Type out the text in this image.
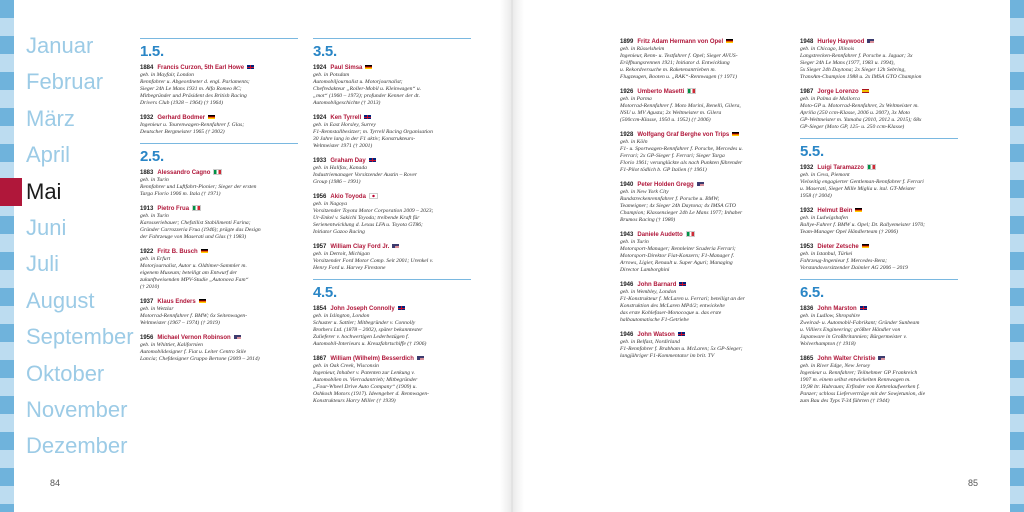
Januar
Februar
März
April
Mai
Juni
Juli
August
September
Oktober
November
Dezember
1.5.
1884 Francis Curzon, 5th Earl Howe
geb. in Mayfair, London
Rennfahrer u. Abgeordneter d. engl. Parlaments;
Sieger 24h Le Mans 1931 m. Alfa Romeo 8C;
Mitbegründer und Präsident des British Racing
Drivers Club (1928 – 1964) († 1964)
1932 Gerhard Bodmer
Ingenieur u. Tourenwagen-Rennfahrer f. Glas;
Deutscher Bergmeister 1965 († 2002)
2.5.
1883 Alessandro Cagno
geb. in Turin
Rennfahrer und Luftfahrt-Pionier; Sieger der ersten
Targa Florio 1906 m. Itala († 1971)
1913 Pietro Frua
geb. in Turin
Karosseriebauer; Chefstilist Stabilimenti Farina;
Gründer Carrozzeria Frua (1946); prägte das Design
der Fahrzeuge von Maserati und Glas († 1983)
1922 Fritz B. Busch
geb. in Erfurt
Motorjournalist, Autor u. Oldtimer-Sammler m.
eigenem Museum; beteiligt am Entwurf der
zukunftweisenden MPV-Studie „Autonova Fam“
(† 2010)
1937 Klaus Enders
geb. in Wetzlar
Motorrad-Rennfahrer f. BMW; 6x Seitenwagen-
Weltmeister (1967 – 1974) († 2019)
1956 Michael Vernon Robinson
geb. in Whittier, Kalifornien
Automobildesigner f. Fiat u. Leiter Centro Stile
Lancia; Chefdesigner Gruppo Bertone (2009 – 2014)
3.5.
1924 Paul Simsa
geb. in Potsdam
Automobiljournalist u. Motorjournalist;
Chefredakteur „Roller-Mobil u. Kleinwagen“ u.
„mot“ (1960 – 1973); profunder Kenner der dt.
Automobilgeschichte († 2013)
1924 Ken Tyrrell
geb. in East Horsley, Surrey
F1-Rennstallbesitzer; m. Tyrrell Racing Organisation
30 Jahre lang in der F1 aktiv; Konstrukteurs-
Weltmeister 1971 († 2001)
1933 Graham Day
geb. in Halifax, Kanada
Industriemanager Vorsitzender Austin – Rover
Group (1986 – 1991)
1956 Akio Toyoda
geb. in Nagoya
Vorsitzender Toyota Motor Corporation 2009 – 2023;
Ur-Enkel v. Sakichi Toyoda; treibende Kraft für
Serienentwicklung d. Lexus LFA u. Toyota GT86;
Initiator Gazoo Racing
1957 William Clay Ford Jr.
geb. in Detroit, Michigan
Vorsitzender Ford Motor Comp. Seit 2001; Urenkel v.
Henry Ford u. Harvey Firestone
4.5.
1854 John Joseph Connolly
geb. in Islington, London
Schuster u. Sattler; Mitbegründer v. Connolly
Brothers Ltd. (1878 – 2002), später bekanntester
Zulieferer v. hochwertigen Lederbezügen f.
Automobil-Interieurs u. Kreuzfahrtschiffe († 1906)
1867 William (Wilhelm) Besserdich
geb. in Oak Creek, Wisconsin
Ingenieur, Inhaber v. Patenten zur Lenkung v.
Automobilen m. Vierradantrieb; Mitbegründer
„Four-Wheel Drive Auto Company“ (1909) u.
Oshkosh Motors (1917). Ideengeber d. Rennwagen-
Konstrukteurs Harry Miller († 1939)
1899 Fritz Adam Hermann von Opel
geb. in Rüsselsheim
Ingenieur, Renn- u. Testfahrer f. Opel; Sieger AVUS-
Eröffnungsrennen 1921; Initiator d. Entwicklung
u. Rekordversuche m. Raketenantrieben m.
Flugzeugen, Booten u. „RAK“-Rennwagen († 1971)
1926 Umberto Masetti
geb. in Parma
Motorrad-Rennfahrer f. Moto Morini, Benelli, Gilera,
NSU u. MV Agusta; 2x Weltmeister m. Gilera
(500ccm-Klasse, 1950 u. 1952) († 2006)
1928 Wolfgang Graf Berghe von Trips
geb. in Köln
F1- u. Sportwagen-Rennfahrer f. Porsche, Mercedes u.
Ferrari; 2x GP-Sieger f. Ferrari; Sieger Targa
Florio 1961; verunglückte als nach Punkten führender
F1-Pilot tödlich b. GP Italien († 1961)
1940 Peter Holden Gregg
geb. in New York City
Rundstreckenrennfahrer f. Porsche u. BMW;
Teameigner; 4x Sieger 24h Daytona; 4x IMSA GTO
Champion; Klassensieger 24h Le Mans 1977; Inhaber
Brumos Racing († 1980)
1943 Daniele Audetto
geb. in Turin
Motorsport-Manager; Rennleiter Scuderia Ferrari;
Motorsport-Direktor Fiat-Konzern; F1-Manager f.
Arrows, Ligier, Renault u. Super Aguri; Managing
Director Lamborghini
1946 John Barnard
geb. in Wembley, London
F1-Konstrukteur f. McLaren u. Ferrari; beteiligt an der
Konstruktion des McLaren MP4/2; entwickelte
das erste Kohlefaser-Monocoque u. das erste
halbautomatische F1-Getriebe
1946 John Watson
geb. in Belfast, Nordirland
F1-Rennfahrer f. Brabham u. McLaren; 5x GP-Sieger;
langjähriger F1-Kommentator im brit. TV
1948 Hurley Haywood
geb. in Chicago, Illinois
Langstrecken-Rennfahrer f. Porsche u. Jaguar; 3x
Sieger 24h Le Mans (1977, 1983 u. 1994),
5x Sieger 24h Daytona; 2x Sieger 12h Sebring,
TransAm-Champion 1988 u. 2x IMSA GTO Champion
1987 Jorge Lorenzo
geb. in Palma de Mallorca
Moto-GP u. Motorrad-Rennfahrer, 2x Weltmeister m.
Aprilia (250 ccm-Klasse, 2006 u. 2007), 3x Moto
GP-Weltmeister m. Yamaha (2010, 2012 u. 2015); 68x
GP-Sieger (Moto GP, 125- u. 250 ccm-Klasse)
5.5.
1932 Luigi Taramazzo
geb. in Ceva, Piemont
Vielseitig engagierter Gentleman-Rennfahrer f. Ferrari
u. Maserati, Sieger Mille Miglia u. ital. GT-Meister
1958 († 2004)
1932 Helmut Bein
geb. in Ludwigshafen
Rallye-Fahrer f. BMW u. Opel; Dt. Rallyemeister 1970;
Team-Manager Opel Händlerteam († 2006)
1953 Dieter Zetsche
geb. in Istanbul, Türkei
Fahrzeug-Ingenieur f. Mercedes-Benz;
Vorstandsvorsitzender Daimler AG 2006 – 2019
6.5.
1836 John Marston
geb. in Ludlow, Shropshire
Zweirad- u. Automobil-Fabrikant; Gründer Sunbeam
u. Villiers Engineering; größter Händler von
Japanware in Großbritannien; Bürgermeister v.
Wolverhampton († 1918)
1865 John Walter Christie
geb. in River Edge, New Jersey
Ingenieur u. Rennfahrer; Teilnehmer GP Frankreich
1907 m. einem selbst entwickelten Rennwagen m.
19,98 ltr. Hubraum; Erfinder von Kettenlaufwerken f.
Panzer; schloss Lieferverträge mit der Sowjetunion, die
zum Bau des Typs T-34 führten († 1944)
84	85
